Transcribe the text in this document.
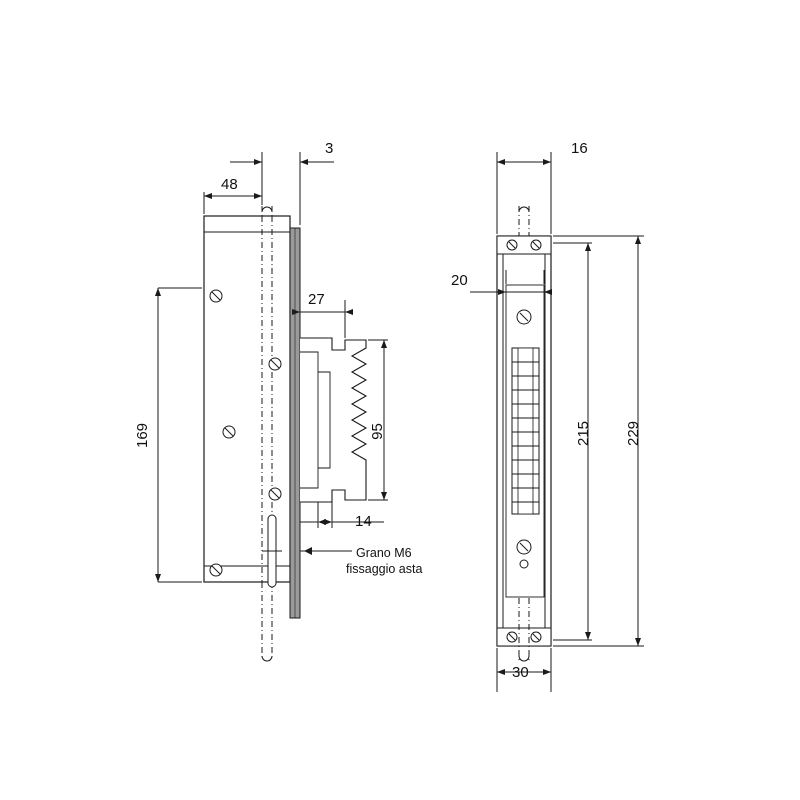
3
48
27
169	95
14
Grano M6
fissaggio asta
16
20
215 229
30
